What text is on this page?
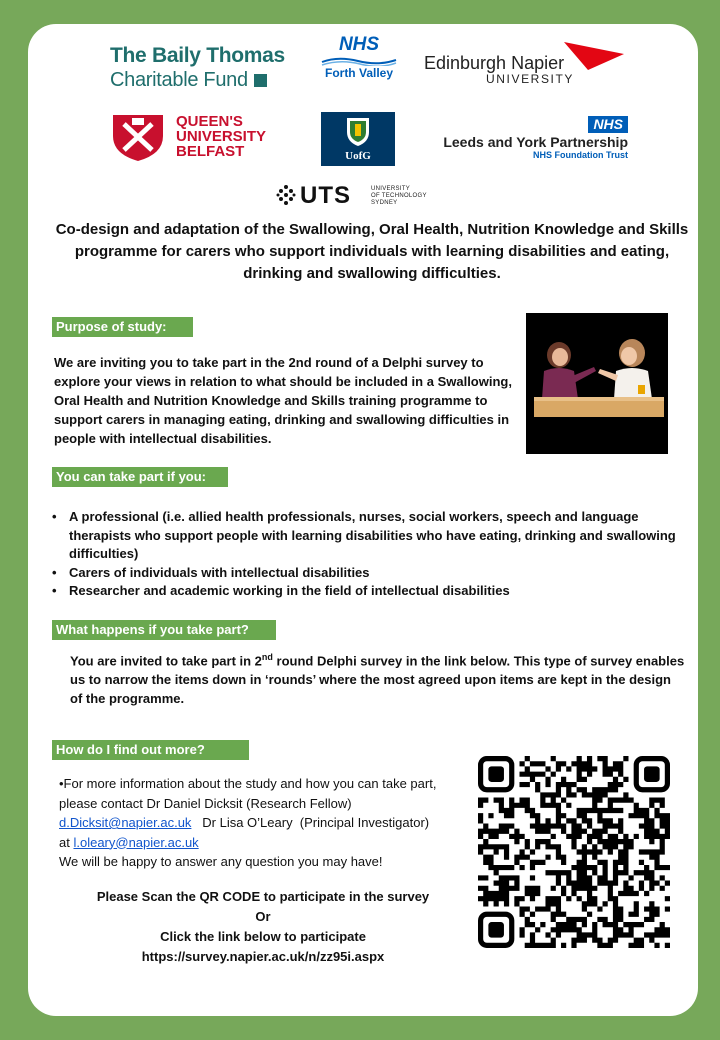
The Baily Thomas
Charitable Fund
NHS
Forth Valley	Edinburgh Napier
UNIVERSITY
QUEEN'S
UNIVERSITY
BELFAST	UofG
NHS
Leeds and York Partnership
NHS Foundation Trust
UTS	UNIVERSITY
OF TECHNOLOGY
SYDNEY
Co-design and adaptation of the Swallowing, Oral Health, Nutrition Knowledge and Skills programme for carers who support individuals with learning disabilities and eating, drinking and swallowing difficulties.
Purpose of study:
We are inviting you to take part in the 2nd round of a Delphi survey to explore your views in relation to what should be included in a Swallowing, Oral Health and Nutrition Knowledge and Skills training programme to support carers in managing eating, drinking and swallowing difficulties in people with intellectual disabilities.
You can take part if you:
• A professional (i.e. allied health professionals, nurses, social workers, speech and language therapists who support people with learning disabilities who have eating, drinking and swallowing difficulties)
• Carers of individuals with intellectual disabilities
• Researcher and academic working in the field of intellectual disabilities
What happens if you take part?
You are invited to take part in 2nd round Delphi survey in the link below. This type of survey enables us to narrow the items down in ‘rounds’ where the most agreed upon items are kept in the design of the programme.
How do I find out more?
•For more information about the study and how you can take part, please contact Dr Daniel Dicksit (Research Fellow)
d.Dicksit@napier.ac.uk   Dr Lisa O’Leary  (Principal Investigator)
at l.oleary@napier.ac.uk
We will be happy to answer any question you may have!
Please Scan the QR CODE to participate in the survey
Or
Click the link below to participate
https://survey.napier.ac.uk/n/zz95i.aspx
